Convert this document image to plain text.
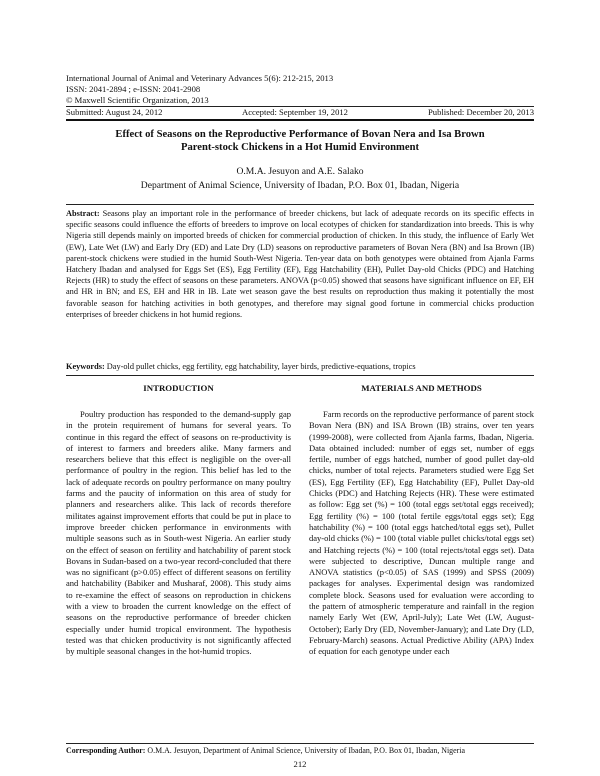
International Journal of Animal and Veterinary Advances 5(6): 212-215, 2013
ISSN: 2041-2894 ; e-ISSN: 2041-2908
© Maxwell Scientific Organization, 2013
Submitted: August 24, 2012	Accepted: September 19, 2012	Published: December 20, 2013
Effect of Seasons on the Reproductive Performance of Bovan Nera and Isa Brown
Parent-stock Chickens in a Hot Humid Environment
O.M.A. Jesuyon and A.E. Salako
Department of Animal Science, University of Ibadan, P.O. Box 01, Ibadan, Nigeria
Abstract: Seasons play an important role in the performance of breeder chickens, but lack of adequate records on its specific effects in specific seasons could influence the efforts of breeders to improve on local ecotypes of chicken for standardization into breeds. This is why Nigeria still depends mainly on imported breeds of chicken for commercial production of chicken. In this study, the influence of Early Wet (EW), Late Wet (LW) and Early Dry (ED) and Late Dry (LD) seasons on reproductive parameters of Bovan Nera (BN) and Isa Brown (IB) parent-stock chickens were studied in the humid South-West Nigeria. Ten-year data on both genotypes were obtained from Ajanla Farms Hatchery Ibadan and analysed for Eggs Set (ES), Egg Fertility (EF), Egg Hatchability (EH), Pullet Day-old Chicks (PDC) and Hatching Rejects (HR) to study the effect of seasons on these parameters. ANOVA (p<0.05) showed that seasons have significant influence on EF, EH and HR in BN; and ES, EH and HR in IB. Late wet season gave the best results on reproduction thus making it potentially the most favorable season for hatching activities in both genotypes, and therefore may signal good fortune in commercial chicks production enterprises of breeder chickens in hot humid regions.
Keywords: Day-old pullet chicks, egg fertility, egg hatchability, layer birds, predictive-equations, tropics
INTRODUCTION

Poultry production has responded to the demand-supply gap in the protein requirement of humans for several years. To continue in this regard the effect of seasons on re-productivity is of interest to farmers and breeders alike. Many farmers and researchers believe that this effect is negligible on the over-all performance of poultry in the region. This belief has led to the lack of adequate records on poultry performance on many poultry farms and the paucity of information on this area of study for planners and researchers alike. This lack of records therefore militates against improvement efforts that could be put in place to improve breeder chicken performance in environments with multiple seasons such as in South-west Nigeria. An earlier study on the effect of season on fertility and hatchability of parent stock Bovans in Sudan-based on a two-year record-concluded that there was no significant (p>0.05) effect of different seasons on fertility and hatchability (Babiker and Musharaf, 2008). This study aims to re-examine the effect of seasons on reproduction in chickens with a view to broaden the current knowledge on the effect of seasons on the reproductive performance of breeder chicken especially under humid tropical environment. The hypothesis tested was that chicken productivity is not significantly affected by multiple seasonal changes in the hot-humid tropics.

MATERIALS AND METHODS

Farm records on the reproductive performance of parent stock Bovan Nera (BN) and ISA Brown (IB) strains, over ten years (1999-2008), were collected from Ajanla farms, Ibadan, Nigeria. Data obtained included: number of eggs set, number of eggs fertile, number of eggs hatched, number of good pullet day-old chicks, number of total rejects. Parameters studied were Egg Set (ES), Egg Fertility (EF), Egg Hatchability (EF), Pullet Day-old Chicks (PDC) and Hatching Rejects (HR). These were estimated as follow: Egg set (%) = 100 (total eggs set/total eggs received); Egg fertility (%) = 100 (total fertile eggs/total eggs set); Egg hatchability (%) = 100 (total eggs hatched/total eggs set), Pullet day-old chicks (%) = 100 (total viable pullet chicks/total eggs set) and Hatching rejects (%) = 100 (total rejects/total eggs set). Data were subjected to descriptive, Duncan multiple range and ANOVA statistics (p<0.05) of SAS (1999) and SPSS (2009) packages for analyses. Experimental design was randomized complete block. Seasons used for evaluation were according to the pattern of atmospheric temperature and rainfall in the region namely Early Wet (EW, April-July); Late Wet (LW, August-October); Early Dry (ED, November-January); and Late Dry (LD, February-March) seasons. Actual Predictive Ability (APA) Index of equation for each genotype under each

Corresponding Author: O.M.A. Jesuyon, Department of Animal Science, University of Ibadan, P.O. Box 01, Ibadan, Nigeria
212
